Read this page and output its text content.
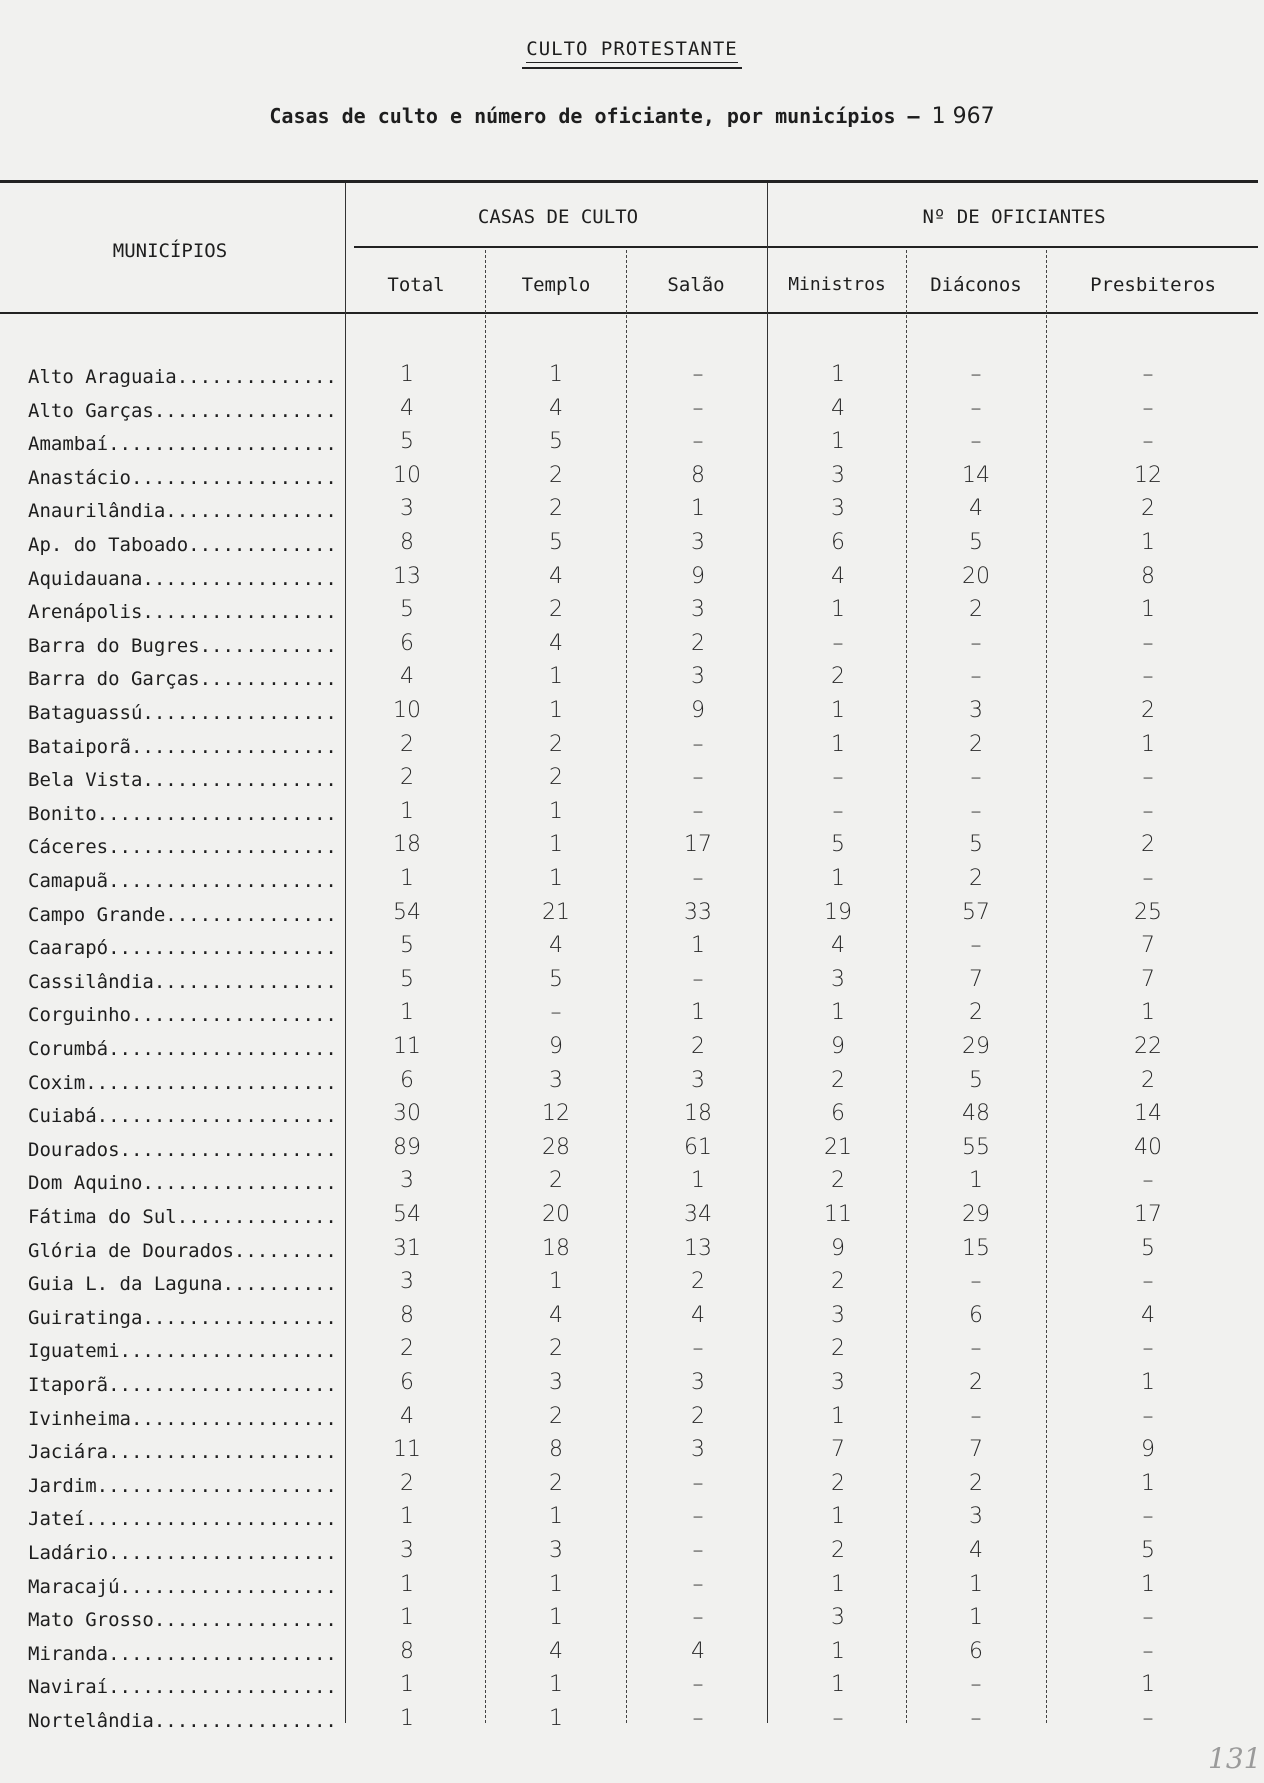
CULTO PROTESTANTE
Casas de culto e número de oficiante, por municípios – 1 967
MUNICÍPIOS
CASAS DE CULTO	Nº DE OFICIANTES
Total	Templo	Salão	Ministros	Diáconos	Presbiteros
Alto Araguaia .....	1	1	–	1	–	–
Alto Garças .....	4	4	–	4	–	–
Amambaí .....	5	5	–	1	–	–
Anastácio .....	10	2	8	3	14	12
Anaurilândia .....	3	2	1	3	4	2
Ap. do Taboado .....	8	5	3	6	5	1
Aquidauana .....	13	4	9	4	20	8
Arenápolis .....	5	2	3	1	2	1
Barra do Bugres .....	6	4	2	–	–	–
Barra do Garças .....	4	1	3	2	–	–
Bataguassú .....	10	1	9	1	3	2
Bataiporã .....	2	2	–	1	2	1
Bela Vista .....	2	2	–	–	–	–
Bonito .....	1	1	–	–	–	–
Cáceres .....	18	1	17	5	5	2
Camapuã .....	1	1	–	1	2	–
Campo Grande .....	54	21	33	19	57	25
Caarapó .....	5	4	1	4	–	7
Cassilândia .....	5	5	–	3	7	7
Corguinho .....	1	–	1	1	2	1
Corumbá .....	11	9	2	9	29	22
Coxim .....	6	3	3	2	5	2
Cuiabá .....	30	12	18	6	48	14
Dourados .....	89	28	61	21	55	40
Dom Aquino .....	3	2	1	2	1	–
Fátima do Sul .....	54	20	34	11	29	17
Glória de Dourados .....	31	18	13	9	15	5
Guia L. da Laguna .....	3	1	2	2	–	–
Guiratinga .....	8	4	4	3	6	4
Iguatemi .....	2	2	–	2	–	–
Itaporã .....	6	3	3	3	2	1
Ivinheima .....	4	2	2	1	–	–
Jaciára .....	11	8	3	7	7	9
Jardim .....	2	2	–	2	2	1
Jateí .....	1	1	–	1	3	–
Ladário .....	3	3	–	2	4	5
Maracajú .....	1	1	–	1	1	1
Mato Grosso .....	1	1	–	3	1	–
Miranda .....	8	4	4	1	6	–
Naviraí .....	1	1	–	1	–	1
Nortelândia .....	1	1	–	–	–	–
131
